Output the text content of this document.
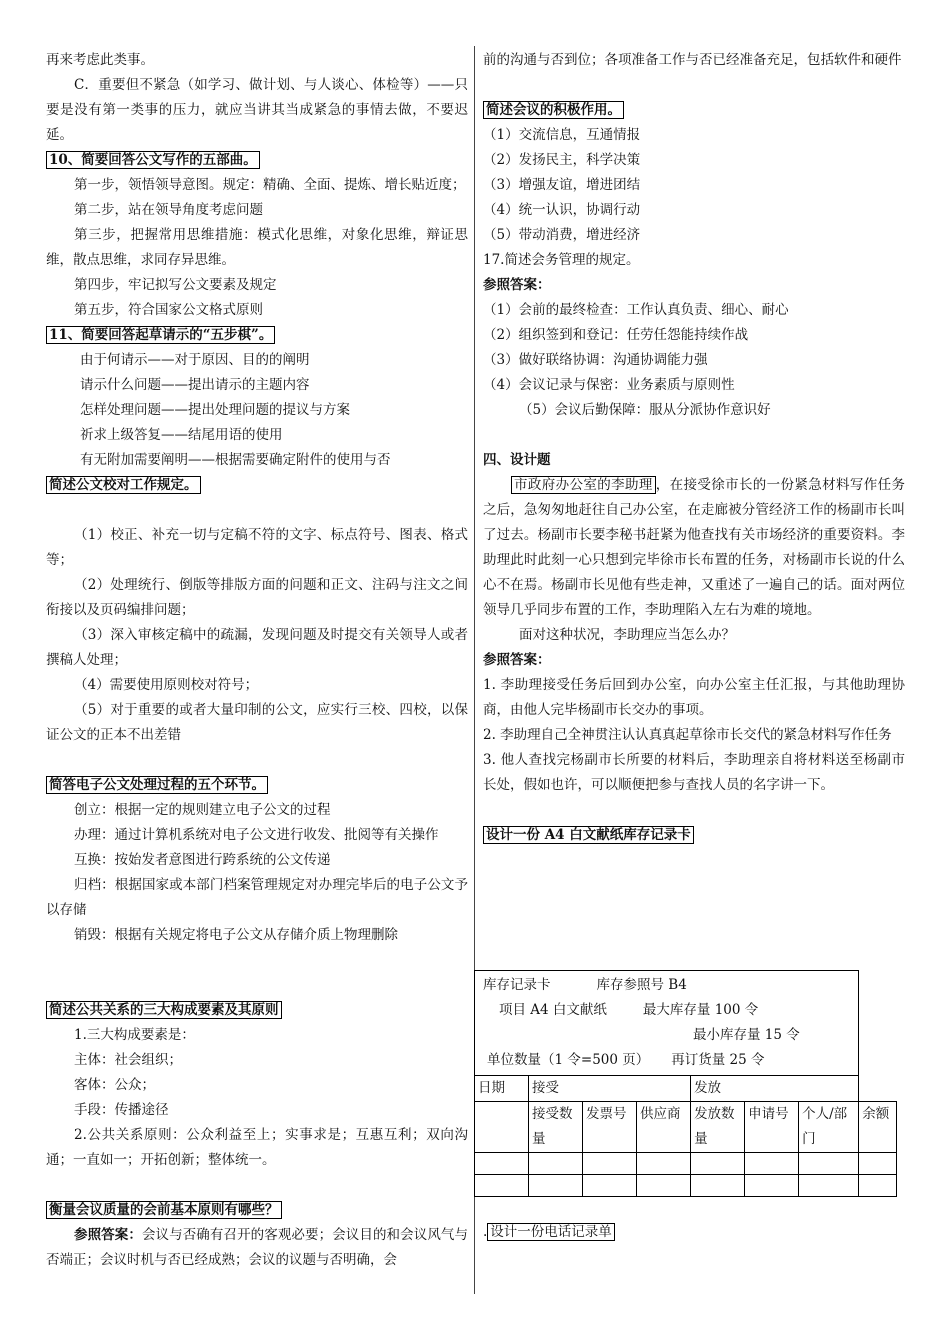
再来考虑此类事。

C．重要但不紧急（如学习、做计划、与人谈心、体检等）——只要是没有第一类事的压力，就应当讲其当成紧急的事情去做，不要迟延。

10、简要回答公文写作的五部曲。

第一步，领悟领导意图。规定：精确、全面、提炼、增长贴近度；

第二步，站在领导角度考虑问题

第三步，把握常用思维措施：模式化思维，对象化思维，辩证思维，散点思维，求同存异思维。

第四步，牢记拟写公文要素及规定

第五步，符合国家公文格式原则

11、简要回答起草请示的“五步棋”。

由于何请示——对于原因、目的的阐明

请示什么问题——提出请示的主题内容

怎样处理问题——提出处理问题的提议与方案

祈求上级答复——结尾用语的使用

有无附加需要阐明——根据需要确定附件的使用与否

简述公文校对工作规定。

（1）校正、补充一切与定稿不符的文字、标点符号、图表、格式等；

（2）处理统行、倒版等排版方面的问题和正文、注码与注文之间衔接以及页码编排问题；

（3）深入审核定稿中的疏漏，发现问题及时提交有关领导人或者撰稿人处理；

（4）需要使用原则校对符号；

（5）对于重要的或者大量印制的公文，应实行三校、四校，以保证公文的正本不出差错

简答电子公文处理过程的五个环节。

创立：根据一定的规则建立电子公文的过程

办理：通过计算机系统对电子公文进行收发、批阅等有关操作

互换：按始发者意图进行跨系统的公文传递

归档：根据国家或本部门档案管理规定对办理完毕后的电子公文予以存储

销毁：根据有关规定将电子公文从存储介质上物理删除

简述公共关系的三大构成要素及其原则

1.三大构成要素是：

主体：社会组织；

客体：公众；

手段：传播途径

2.公共关系原则：公众利益至上；实事求是；互惠互利；双向沟通；一直如一；开拓创新；整体统一。

衡量会议质量的会前基本原则有哪些？

参照答案：会议与否确有召开的客观必要；会议目的和会议风气与否端正；会议时机与否已经成熟；会议的议题与否明确，会

前的沟通与否到位；各项准备工作与否已经准备充足，包括软件和硬件

简述会议的积极作用。

（1）交流信息，互通情报

（2）发扬民主，科学决策

（3）增强友谊，增进团结

（4）统一认识，协调行动

（5）带动消费，增进经济

17.简述会务管理的规定。

参照答案：

（1）会前的最终检查：工作认真负责、细心、耐心

（2）组织签到和登记：任劳任怨能持续作战

（3）做好联络协调：沟通协调能力强

（4）会议记录与保密：业务素质与原则性

（5）会议后勤保障：服从分派协作意识好

四、设计题

市政府办公室的李助理 ，在接受徐市长的一份紧急材料写作任务之后，急匆匆地赶往自己办公室，在走廊被分管经济工作的杨副市长叫了过去。杨副市长要李秘书赶紧为他查找有关市场经济的重要资料。李助理此时此刻一心只想到完毕徐市长布置的任务，对杨副市长说的什么心不在焉。杨副市长见他有些走神，又重述了一遍自己的话。面对两位领导几乎同步布置的工作，李助理陷入左右为难的境地。

面对这种状况，李助理应当怎么办？

参照答案：

1. 李助理接受任务后回到办公室，向办公室主任汇报，与其他助理协商，由他人完毕杨副市长交办的事项。

2. 李助理自己全神贯注认认真真起草徐市长交代的紧急材料写作任务

3. 他人查找完杨副市长所要的材料后，李助理亲自将材料送至杨副市长处，假如也许，可以顺便把参与查找人员的名字讲一下。

设计一份 A4 白文献纸库存记录卡

库存记录卡 库存参照号 B4
项目 A4 白文献纸 最大库存量 100 令
最小库存量 15 令
单位数量（1 令=500 页） 再订货量 25 令							

日期	接受			发放			
	接受数量	发票号	供应商	发放数量	申请号	个人/部门	余额

. 设计一份电话记录单
